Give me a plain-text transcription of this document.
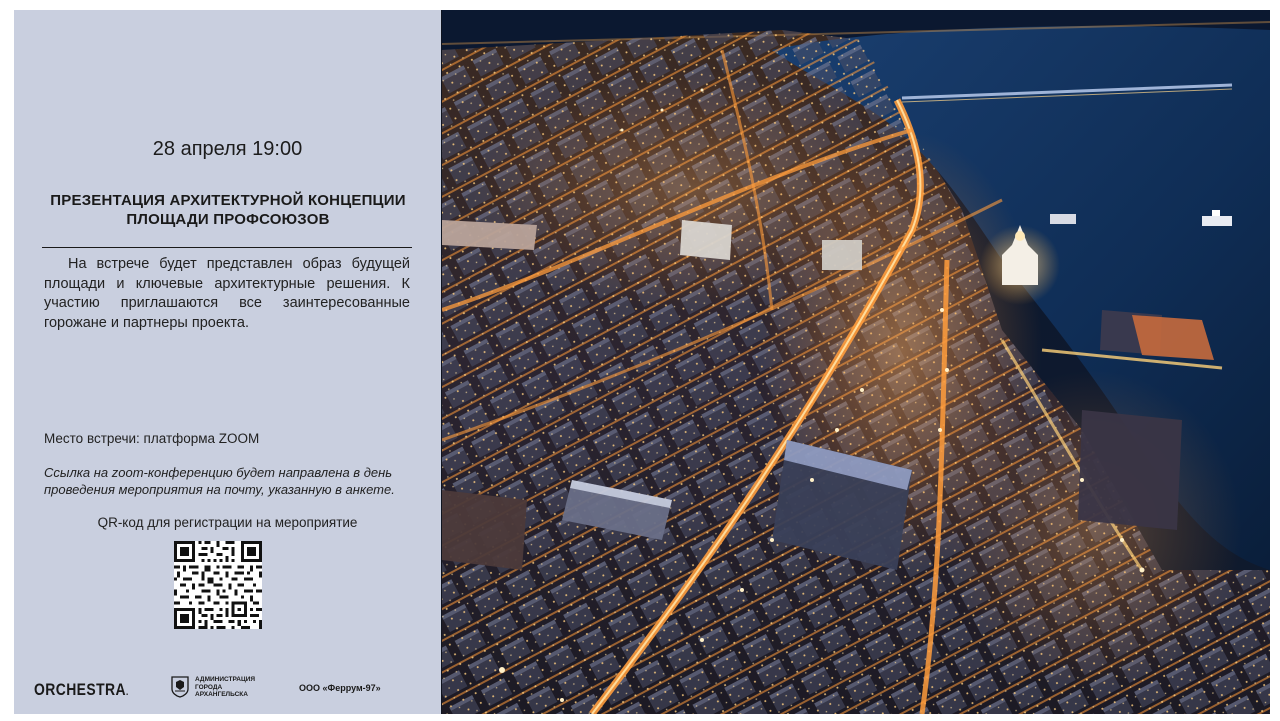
28 апреля 19:00
ПРЕЗЕНТАЦИЯ АРХИТЕКТУРНОЙ КОНЦЕПЦИИ ПЛОЩАДИ ПРОФСОЮЗОВ
На встрече будет представлен образ будущей площади и ключевые архитектурные решения. К участию приглашаются все заинтересованные горожане и партнеры проекта.
Место встречи: платформа ZOOM
Ссылка на zoom-конференцию будет направлена в день проведения мероприятия на почту, указанную в анкете.
QR-код для регистрации на мероприятие
ORCHESTRA.
АДМИНИСТРАЦИЯ
ГОРОДА
АРХАНГЕЛЬСКА
ООО «Феррум-97»
